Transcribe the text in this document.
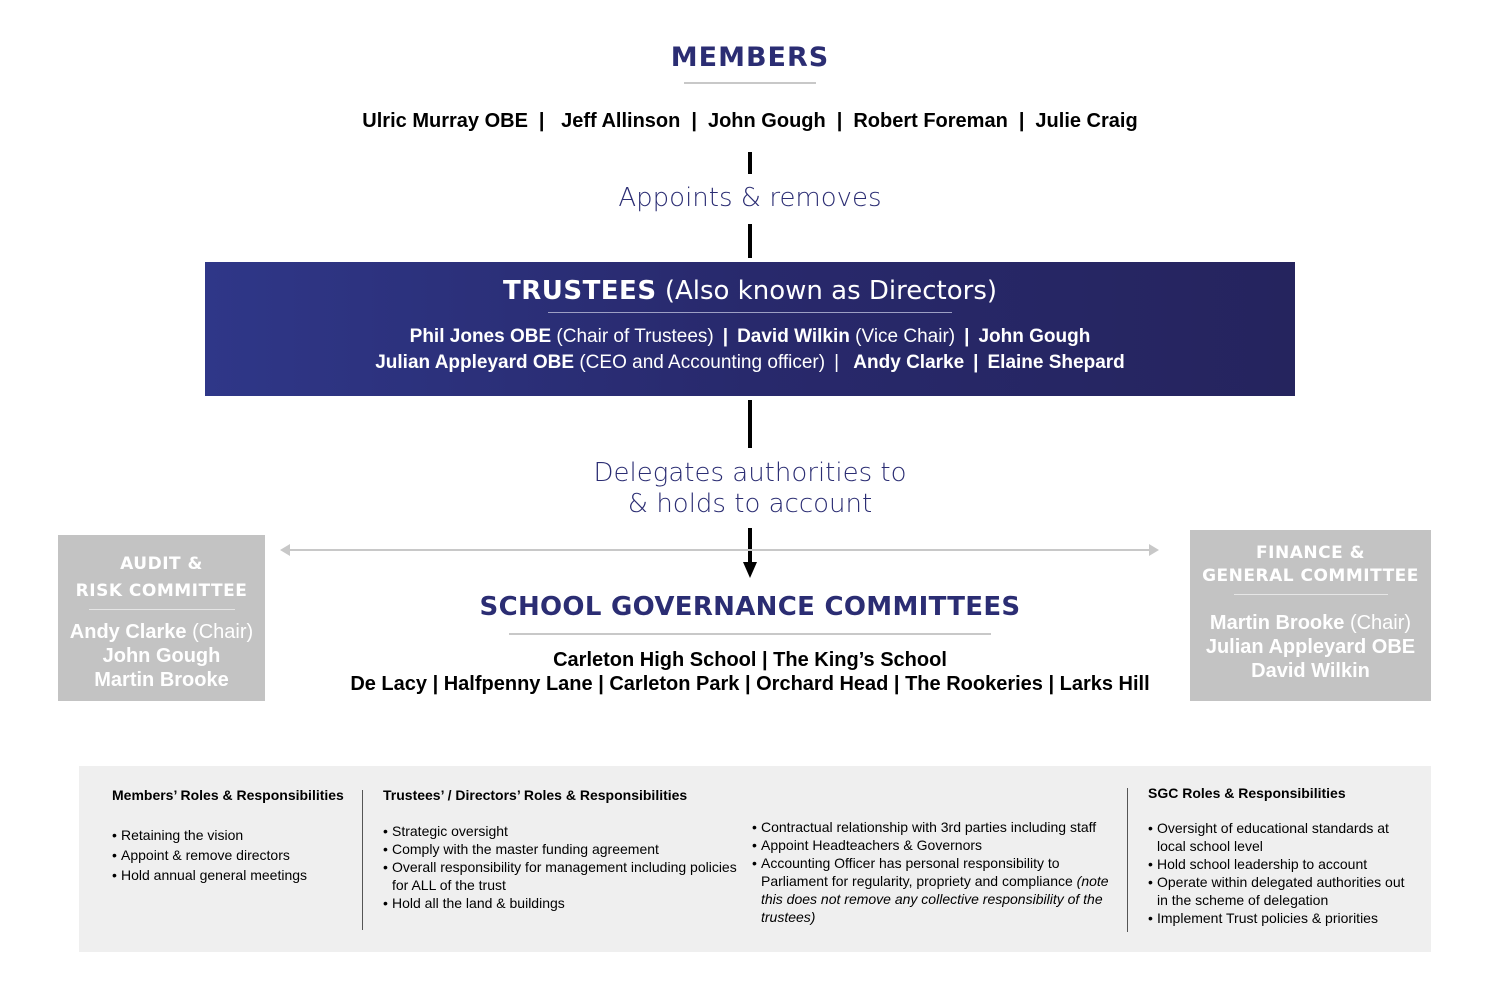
MEMBERS
Ulric Murray OBE | Jeff Allinson | John Gough | Robert Foreman | Julie Craig
Appoints & removes
TRUSTEES (Also known as Directors)
Phil Jones OBE (Chair of Trustees) | David Wilkin (Vice Chair) | John Gough
Julian Appleyard OBE (CEO and Accounting officer) | Andy Clarke | Elaine Shepard
Delegates authorities to
& holds to account
AUDIT &
RISK COMMITTEE
Andy Clarke (Chair)
John Gough
Martin Brooke
FINANCE &
GENERAL COMMITTEE
Martin Brooke (Chair)
Julian Appleyard OBE
David Wilkin
SCHOOL GOVERNANCE COMMITTEES
Carleton High School | The King’s School
De Lacy | Halfpenny Lane | Carleton Park | Orchard Head | The Rookeries | Larks Hill
Members’ Roles & Responsibilities
• Retaining the vision
• Appoint & remove directors
• Hold annual general meetings
Trustees’ / Directors’ Roles & Responsibilities
• Strategic oversight
• Comply with the master funding agreement
• Overall responsibility for management including policies for ALL of the trust
• Hold all the land & buildings
• Contractual relationship with 3rd parties including staff
• Appoint Headteachers & Governors
• Accounting Officer has personal responsibility to Parliament for regularity, propriety and compliance (note this does not remove any collective responsibility of the trustees)
SGC Roles & Responsibilities
• Oversight of educational standards at local school level
• Hold school leadership to account
• Operate within delegated authorities out in the scheme of delegation
• Implement Trust policies & priorities
